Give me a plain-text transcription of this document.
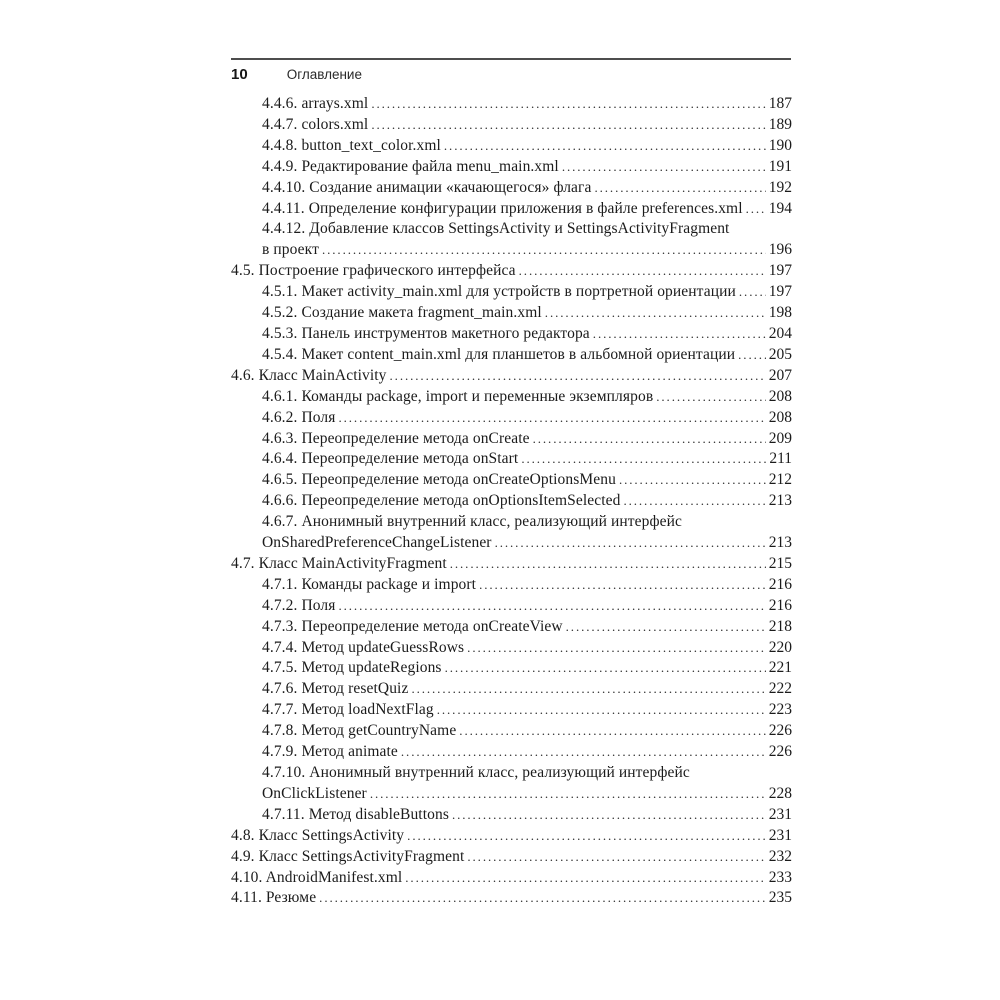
10	Оглавление
4.4.6. arrays.xml .....	187
4.4.7. colors.xml .....	189
4.4.8. button_text_color.xml .....	190
4.4.9. Редактирование файла menu_main.xml .....	191
4.4.10. Создание анимации «качающегося» флага .....	192
4.4.11. Определение конфигурации приложения в файле preferences.xml ..... 194
4.4.12. Добавление классов SettingsActivity и SettingsActivityFragment
в проект .....	196
4.5. Построение графического интерфейса .....	197
4.5.1. Макет activity_main.xml для устройств в портретной ориентации ..... 197
4.5.2. Создание макета fragment_main.xml .....	198
4.5.3. Панель инструментов макетного редактора .....	204
4.5.4. Макет content_main.xml для планшетов в альбомной ориентации ..... 205
4.6. Класс MainActivity .....	207
4.6.1. Команды package, import и переменные экземпляров .....	208
4.6.2. Поля .....	208
4.6.3. Переопределение метода onCreate .....	209
4.6.4. Переопределение метода onStart .....	211
4.6.5. Переопределение метода onCreateOptionsMenu .....	212
4.6.6. Переопределение метода onOptionsItemSelected .....	213
4.6.7. Анонимный внутренний класс, реализующий интерфейс
OnSharedPreferenceChangeListener .....	213
4.7. Класс MainActivityFragment .....	215
4.7.1. Команды package и import .....	216
4.7.2. Поля .....	216
4.7.3. Переопределение метода onCreateView .....	218
4.7.4. Метод updateGuessRows .....	220
4.7.5. Метод updateRegions .....	221
4.7.6. Метод resetQuiz .....	222
4.7.7. Метод loadNextFlag .....	223
4.7.8. Метод getCountryName .....	226
4.7.9. Метод animate .....	226
4.7.10. Анонимный внутренний класс, реализующий интерфейс
OnClickListener .....	228
4.7.11. Метод disableButtons .....	231
4.8. Класс SettingsActivity .....	231
4.9. Класс SettingsActivityFragment .....	232
4.10. AndroidManifest.xml .....	233
4.11. Резюме .....	235
